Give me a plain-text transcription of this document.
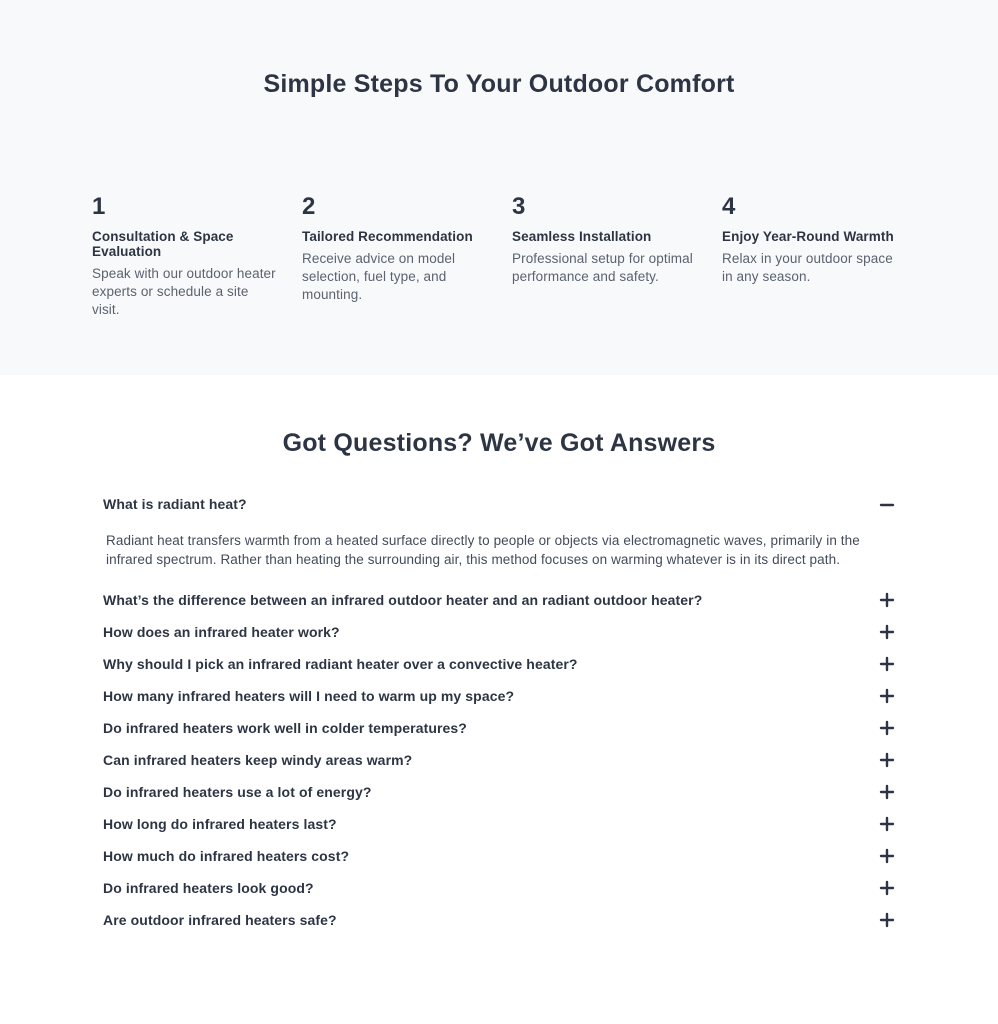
Simple Steps To Your Outdoor Comfort
1
Consultation & Space Evaluation
Speak with our outdoor heater experts or schedule a site visit.
2
Tailored Recommendation
Receive advice on model selection, fuel type, and mounting.
3
Seamless Installation
Professional setup for optimal performance and safety.
4
Enjoy Year-Round Warmth
Relax in your outdoor space in any season.
Got Questions? We’ve Got Answers
What is radiant heat?
Radiant heat transfers warmth from a heated surface directly to people or objects via electromagnetic waves, primarily in the infrared spectrum. Rather than heating the surrounding air, this method focuses on warming whatever is in its direct path.
What’s the difference between an infrared outdoor heater and an radiant outdoor heater?
How does an infrared heater work?
Why should I pick an infrared radiant heater over a convective heater?
How many infrared heaters will I need to warm up my space?
Do infrared heaters work well in colder temperatures?
Can infrared heaters keep windy areas warm?
Do infrared heaters use a lot of energy?
How long do infrared heaters last?
How much do infrared heaters cost?
Do infrared heaters look good?
Are outdoor infrared heaters safe?
